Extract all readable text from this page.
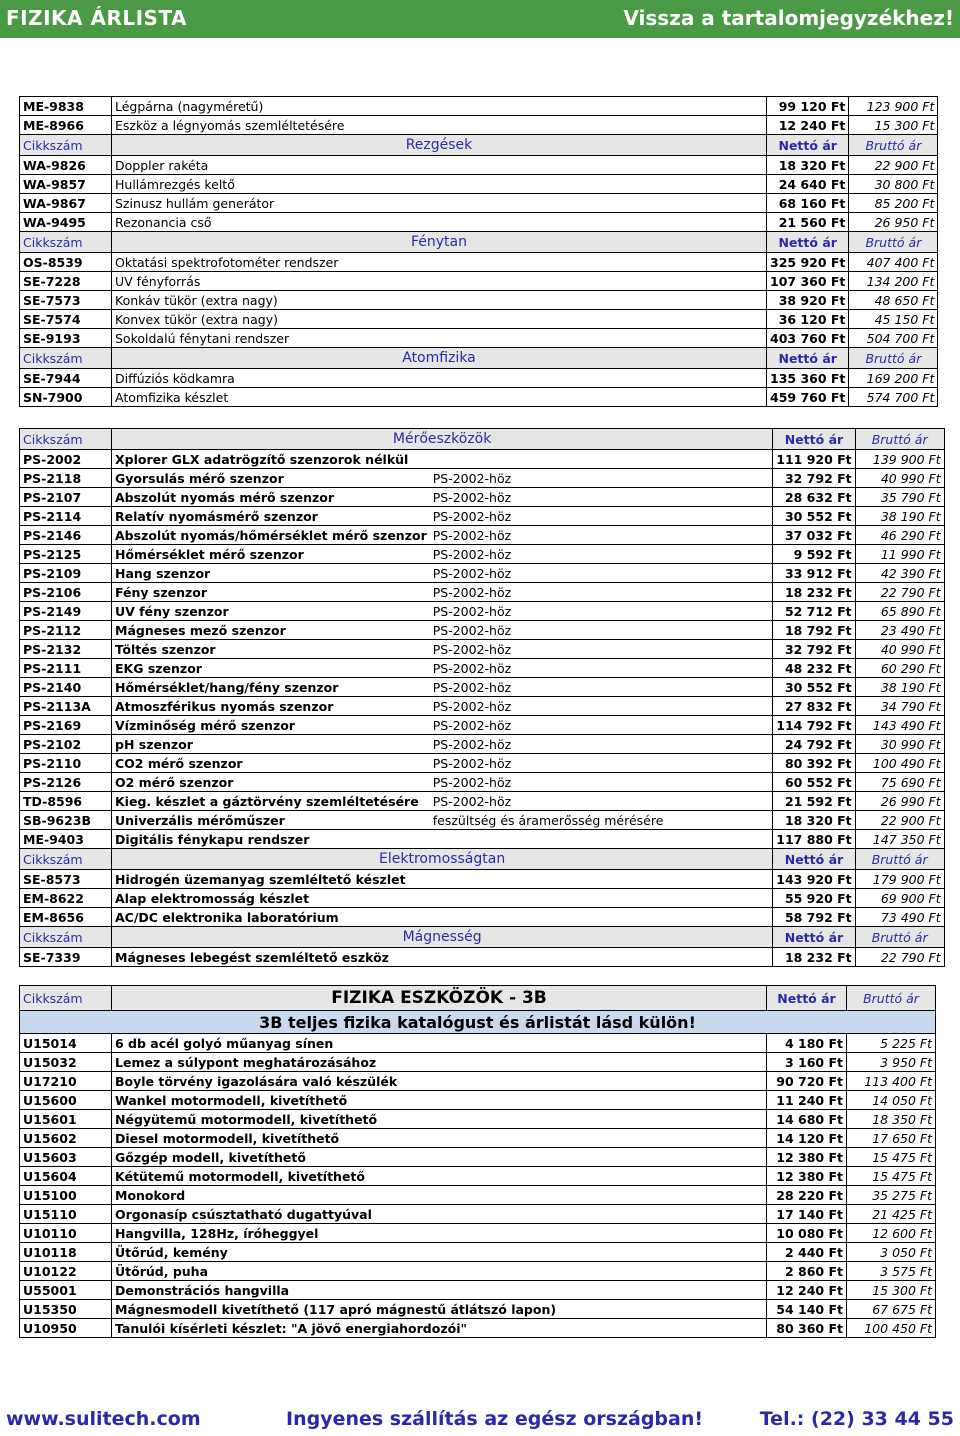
FIZIKA ÁRLISTA	Vissza a tartalomjegyzékhez!
ME-9838	Légpárna (nagyméretű)	99 120 Ft	123 900 Ft
ME-8966	Eszköz a légnyomás szemléltetésére	12 240 Ft	15 300 Ft
Cikkszám	Rezgések	Nettó ár	Bruttó ár
WA-9826	Doppler rakéta	18 320 Ft	22 900 Ft
WA-9857	Hullámrezgés keltő	24 640 Ft	30 800 Ft
WA-9867	Szinusz hullám generátor	68 160 Ft	85 200 Ft
WA-9495	Rezonancia cső	21 560 Ft	26 950 Ft
Cikkszám	Fénytan	Nettó ár	Bruttó ár
OS-8539	Oktatási spektrofotométer rendszer	325 920 Ft	407 400 Ft
SE-7228	UV fényforrás	107 360 Ft	134 200 Ft
SE-7573	Konkáv tükör (extra nagy)	38 920 Ft	48 650 Ft
SE-7574	Konvex tükör (extra nagy)	36 120 Ft	45 150 Ft
SE-9193	Sokoldalú fénytani rendszer	403 760 Ft	504 700 Ft
Cikkszám	Atomfizika	Nettó ár	Bruttó ár
SE-7944	Diffúziós ködkamra	135 360 Ft	169 200 Ft
SN-7900	Atomfizika készlet	459 760 Ft	574 700 Ft
Cikkszám	Mérőeszközök		Nettó ár	Bruttó ár
PS-2002	Xplorer GLX adatrögzítő szenzorok nélkül		111 920 Ft	139 900 Ft
PS-2118	Gyorsulás mérő szenzor	PS-2002-höz	32 792 Ft	40 990 Ft
PS-2107	Abszolút nyomás mérő szenzor	PS-2002-höz	28 632 Ft	35 790 Ft
PS-2114	Relatív nyomásmérő szenzor	PS-2002-höz	30 552 Ft	38 190 Ft
PS-2146	Abszolút nyomás/hőmérséklet mérő szenzor	PS-2002-höz	37 032 Ft	46 290 Ft
PS-2125	Hőmérséklet mérő szenzor	PS-2002-höz	9 592 Ft	11 990 Ft
PS-2109	Hang szenzor	PS-2002-höz	33 912 Ft	42 390 Ft
PS-2106	Fény szenzor	PS-2002-höz	18 232 Ft	22 790 Ft
PS-2149	UV fény szenzor	PS-2002-höz	52 712 Ft	65 890 Ft
PS-2112	Mágneses mező szenzor	PS-2002-höz	18 792 Ft	23 490 Ft
PS-2132	Töltés szenzor	PS-2002-höz	32 792 Ft	40 990 Ft
PS-2111	EKG szenzor	PS-2002-höz	48 232 Ft	60 290 Ft
PS-2140	Hőmérséklet/hang/fény szenzor	PS-2002-höz	30 552 Ft	38 190 Ft
PS-2113A	Atmoszférikus nyomás szenzor	PS-2002-höz	27 832 Ft	34 790 Ft
PS-2169	Vízminőség mérő szenzor	PS-2002-höz	114 792 Ft	143 490 Ft
PS-2102	pH szenzor	PS-2002-höz	24 792 Ft	30 990 Ft
PS-2110	CO2 mérő szenzor	PS-2002-höz	80 392 Ft	100 490 Ft
PS-2126	O2 mérő szenzor	PS-2002-höz	60 552 Ft	75 690 Ft
TD-8596	Kieg. készlet a gáztörvény szemléltetésére	PS-2002-höz	21 592 Ft	26 990 Ft
SB-9623B	Univerzális mérőműszer	feszültség és áramerősség mérésére	18 320 Ft	22 900 Ft
ME-9403	Digitális fénykapu rendszer		117 880 Ft	147 350 Ft
Cikkszám	Elektromosságtan		Nettó ár	Bruttó ár
SE-8573	Hidrogén üzemanyag szemléltető készlet		143 920 Ft	179 900 Ft
EM-8622	Alap elektromosság készlet		55 920 Ft	69 900 Ft
EM-8656	AC/DC elektronika laboratórium		58 792 Ft	73 490 Ft
Cikkszám	Mágnesség		Nettó ár	Bruttó ár
SE-7339	Mágneses lebegést szemléltető eszköz		18 232 Ft	22 790 Ft
Cikkszám	FIZIKA ESZKÖZÖK - 3B	Nettó ár	Bruttó ár
3B teljes fizika katalógust és árlistát lásd külön!			
U15014	6 db acél golyó műanyag sínen	4 180 Ft	5 225 Ft
U15032	Lemez a súlypont meghatározásához	3 160 Ft	3 950 Ft
U17210	Boyle törvény igazolására való készülék	90 720 Ft	113 400 Ft
U15600	Wankel motormodell, kivetíthető	11 240 Ft	14 050 Ft
U15601	Négyütemű motormodell, kivetíthető	14 680 Ft	18 350 Ft
U15602	Diesel motormodell, kivetíthető	14 120 Ft	17 650 Ft
U15603	Gőzgép modell, kivetíthető	12 380 Ft	15 475 Ft
U15604	Kétütemű motormodell, kivetíthető	12 380 Ft	15 475 Ft
U15100	Monokord	28 220 Ft	35 275 Ft
U15110	Orgonasíp csúsztatható dugattyúval	17 140 Ft	21 425 Ft
U10110	Hangvilla, 128Hz, íróheggyel	10 080 Ft	12 600 Ft
U10118	Ütőrúd, kemény	2 440 Ft	3 050 Ft
U10122	Ütőrúd, puha	2 860 Ft	3 575 Ft
U55001	Demonstrációs hangvilla	12 240 Ft	15 300 Ft
U15350	Mágnesmodell kivetíthető (117 apró mágnestű átlátszó lapon)	54 140 Ft	67 675 Ft
U10950	Tanulói kísérleti készlet: "A jövő energiahordozói"	80 360 Ft	100 450 Ft
www.sulitech.com	Ingyenes szállítás az egész országban!	Tel.: (22) 33 44 55
